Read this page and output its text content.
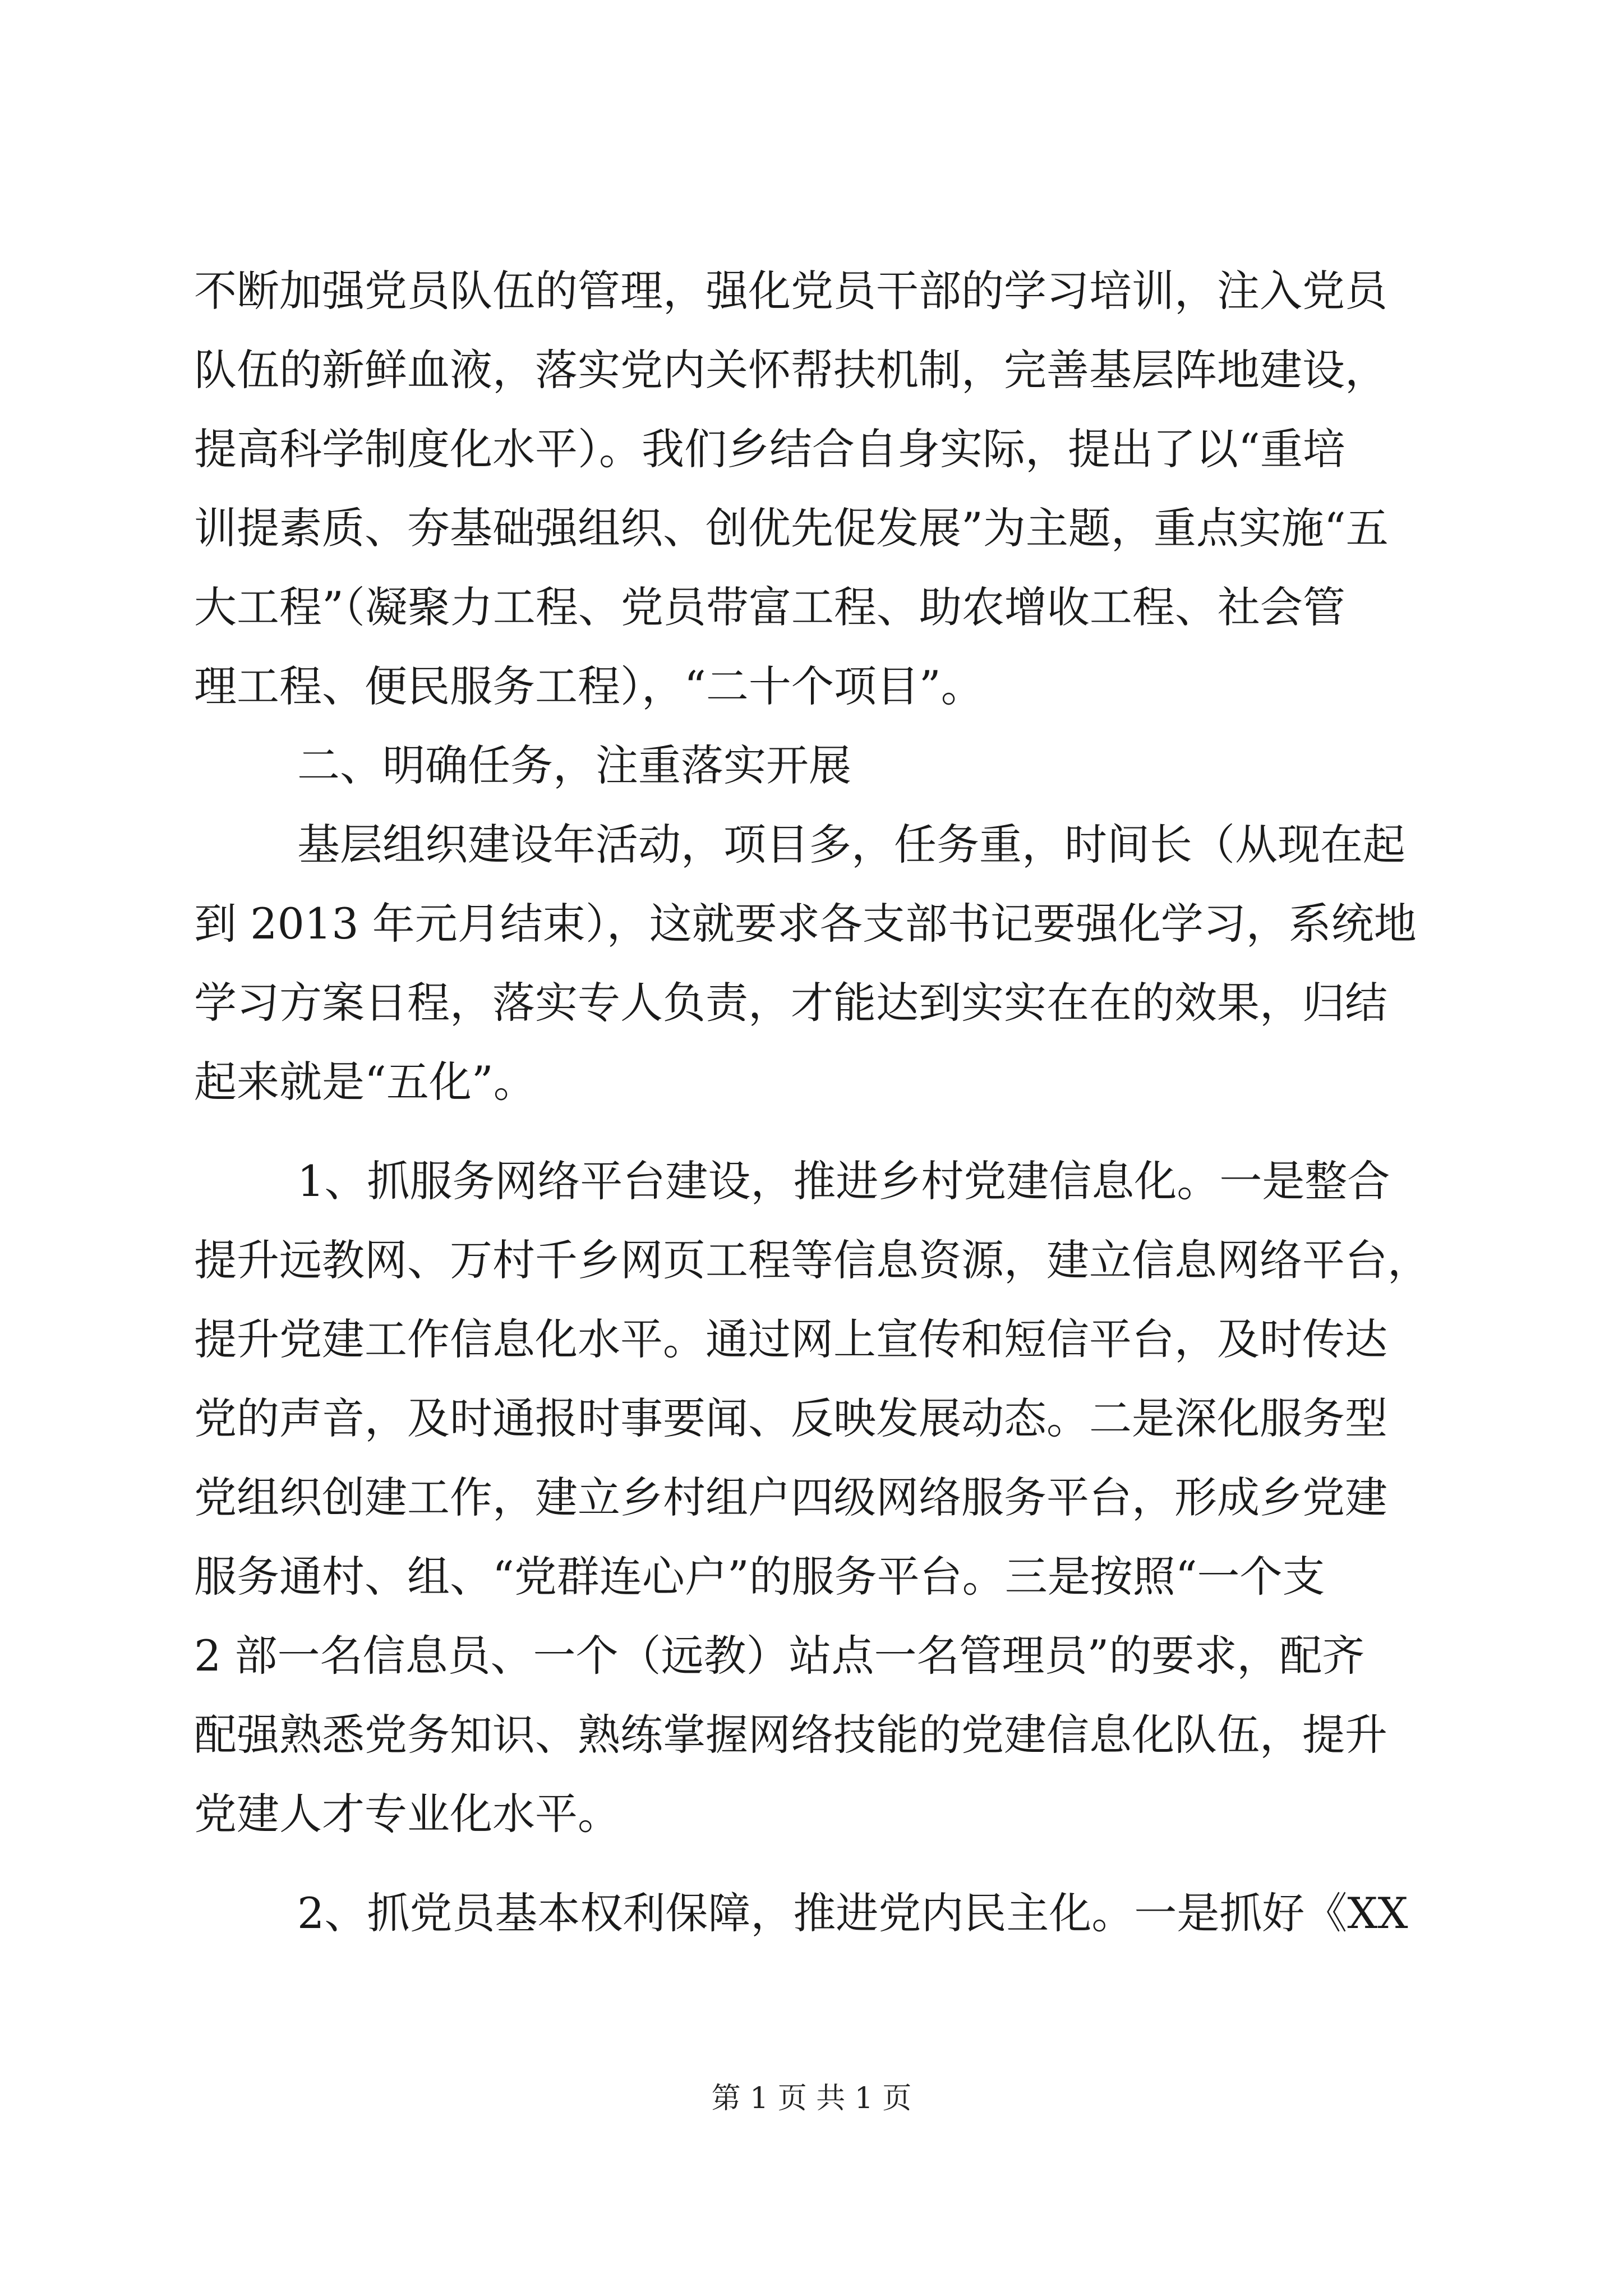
不断加强党员队伍的管理，强化党员干部的学习培训，注入党员
队伍的新鲜血液，落实党内关怀帮扶机制，完善基层阵地建设，
提高科学制度化水平）。我们乡结合自身实际，提出了以“重培
训提素质、夯基础强组织、创优先促发展”为主题，重点实施“五
大工程”（凝聚力工程、党员带富工程、助农增收工程、社会管
理工程、便民服务工程），“二十个项目”。
二、明确任务，注重落实开展
基层组织建设年活动，项目多，任务重，时间长（从现在起
到 2013 年元月结束），这就要求各支部书记要强化学习，系统地
学习方案日程，落实专人负责，才能达到实实在在的效果，归结
起来就是“五化”。
1、抓服务网络平台建设，推进乡村党建信息化。一是整合
提升远教网、万村千乡网页工程等信息资源，建立信息网络平台，
提升党建工作信息化水平。通过网上宣传和短信平台，及时传达
党的声音，及时通报时事要闻、反映发展动态。二是深化服务型
党组织创建工作，建立乡村组户四级网络服务平台，形成乡党建
服务通村、组、“党群连心户”的服务平台。三是按照“一个支
2 部一名信息员、一个（远教）站点一名管理员”的要求，配齐
配强熟悉党务知识、熟练掌握网络技能的党建信息化队伍，提升
党建人才专业化水平。
2、抓党员基本权利保障，推进党内民主化。一是抓好《XX
第 1 页 共 1 页
